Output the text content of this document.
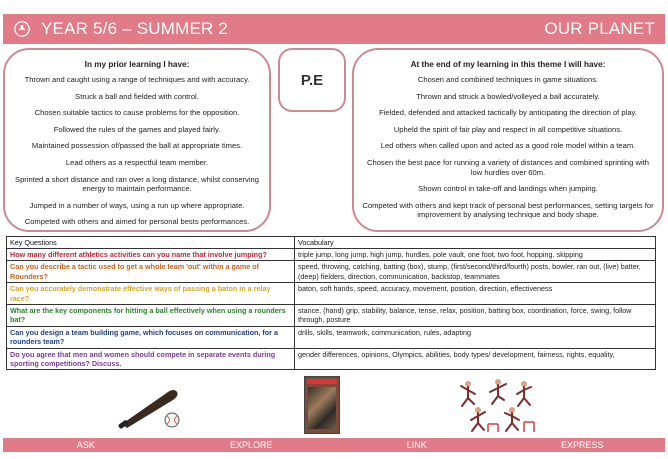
YEAR 5/6 – SUMMER 2	OUR PLANET
In my prior learning I have:
Thrown and caught using a range of techniques and with accuracy.
Struck a ball and fielded with control.
Chosen suitable tactics to cause problems for the opposition.
Followed the rules of the games and played fairly.
Maintained possession of/passed the ball at appropriate times.
Lead others as a respectful team member.
Sprinted a short distance and ran over a long distance, whilst conserving energy to maintain performance.
Jumped in a number of ways, using a run up where appropriate.
Competed with others and aimed for personal bests performances.
P.E
At the end of my learning in this theme I will have:
Chosen and combined techniques in game situations.
Thrown and struck a bowled/volleyed a ball accurately.
Fielded, defended and attacked tactically by anticipating the direction of play.
Upheld the spirit of fair play and respect in all competitive situations.
Led others when called upon and acted as a good role model within a team.
Chosen the best pace for running a variety of distances and combined sprinting with low hurdles over 60m.
Shown control in take-off and landings when jumping.
Competed with others and kept track of personal best performances, setting targets for improvement by analysing technique and body shape.
Key Questions	Vocabulary
How many different athletics activities can you name that involve jumping?	triple jump, long jump, high jump, hurdles, pole vault, one foot, two foot, hopping, skipping
Can you describe a tactic used to get a whole team 'out' within a game of Rounders?	speed, throwing, catching, batting (box), stump, (first/second/third/fourth) posts, bowler, ran out, (live) batter, (deep) fielders, direction, communication, backstop, teammates
Can you accurately demonstrate effective ways of passing a baton in a relay race?	baton, soft hands, speed, accuracy, movement, position, direction, effectiveness
What are the key components for hitting a ball effectively when using a rounders bat?	stance, (hand) grip, stability, balance, tense, relax, position, batting box, coordination, force, swing, follow through, posture
Can you design a team building game, which focuses on communication, for a rounders team?	drills, skills, teamwork, communication, rules, adapting
Do you agree that men and women should compete in separate events during sporting competitions? Discuss.	gender differences, opinions, Olympics, abilities, body types/ development, fairness, rights, equality,
ASK	EXPLORE	LINK	EXPRESS
